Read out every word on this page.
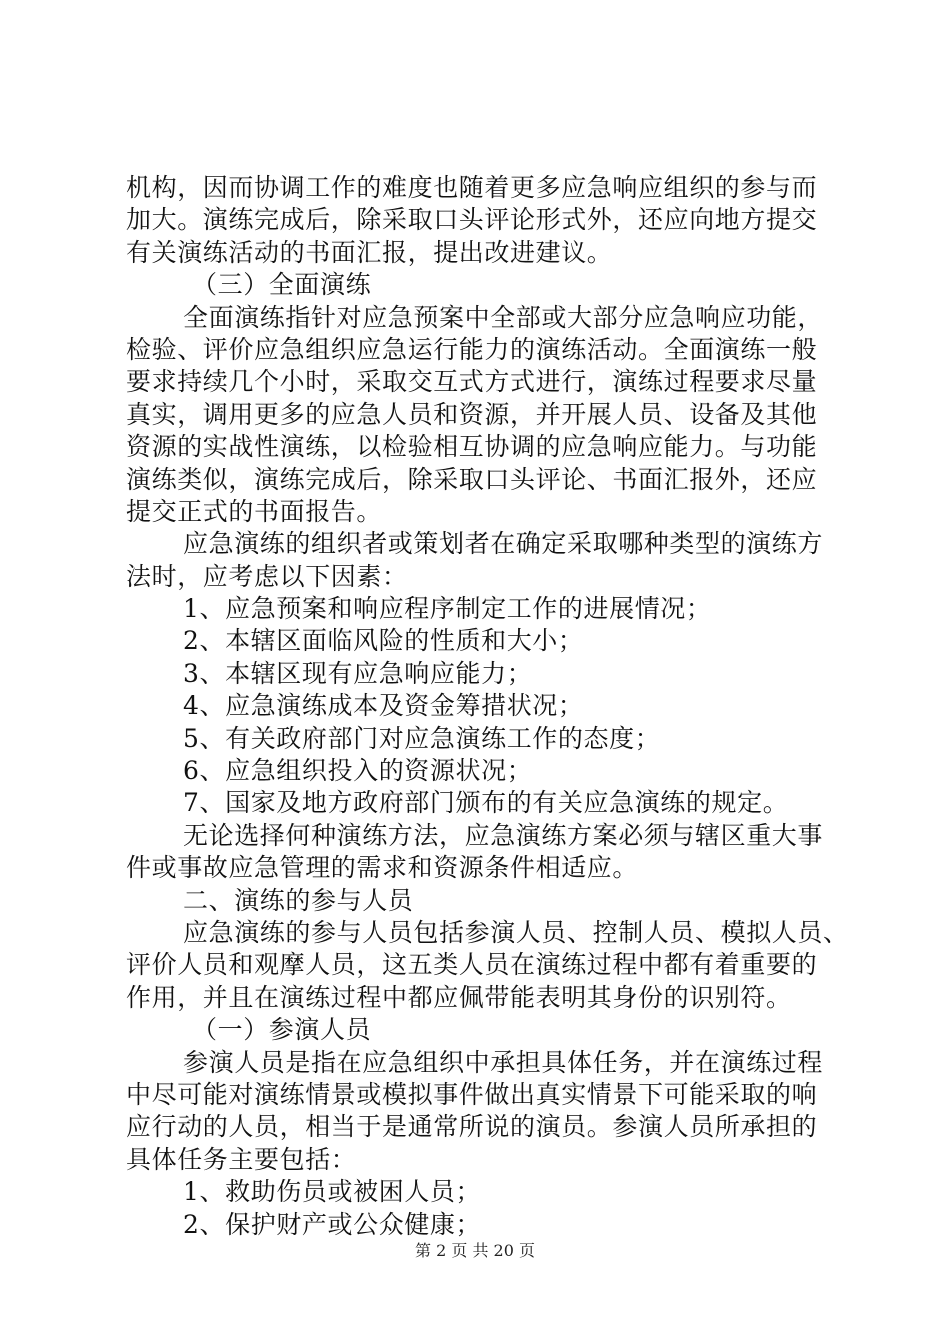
机构，因而协调工作的难度也随着更多应急响应组织的参与而
加大。演练完成后，除采取口头评论形式外，还应向地方提交
有关演练活动的书面汇报，提出改进建议。
（三）全面演练
全面演练指针对应急预案中全部或大部分应急响应功能，
检验、评价应急组织应急运行能力的演练活动。全面演练一般
要求持续几个小时，采取交互式方式进行，演练过程要求尽量
真实，调用更多的应急人员和资源，并开展人员、设备及其他
资源的实战性演练，以检验相互协调的应急响应能力。与功能
演练类似，演练完成后，除采取口头评论、书面汇报外，还应
提交正式的书面报告。
应急演练的组织者或策划者在确定采取哪种类型的演练方
法时，应考虑以下因素：
1、应急预案和响应程序制定工作的进展情况；
2、本辖区面临风险的性质和大小；
3、本辖区现有应急响应能力；
4、应急演练成本及资金筹措状况；
5、有关政府部门对应急演练工作的态度；
6、应急组织投入的资源状况；
7、国家及地方政府部门颁布的有关应急演练的规定。
无论选择何种演练方法，应急演练方案必须与辖区重大事
件或事故应急管理的需求和资源条件相适应。
二、演练的参与人员
应急演练的参与人员包括参演人员、控制人员、模拟人员、
评价人员和观摩人员，这五类人员在演练过程中都有着重要的
作用，并且在演练过程中都应佩带能表明其身份的识别符。
（一）参演人员
参演人员是指在应急组织中承担具体任务，并在演练过程
中尽可能对演练情景或模拟事件做出真实情景下可能采取的响
应行动的人员，相当于是通常所说的演员。参演人员所承担的
具体任务主要包括：
1、救助伤员或被困人员；
2、保护财产或公众健康；
第 2 页 共 20 页
